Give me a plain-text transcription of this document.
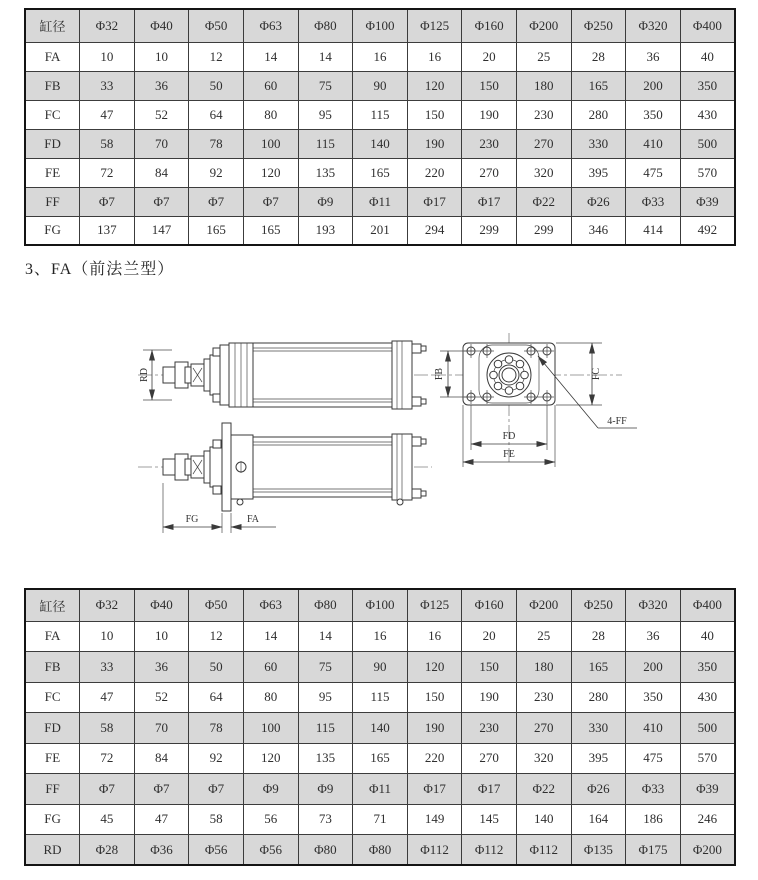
缸径	Φ32	Φ40	Φ50	Φ63	Φ80	Φ100	Φ125	Φ160	Φ200	Φ250	Φ320	Φ400
FA	10	10	12	14	14	16	16	20	25	28	36	40
FB	33	36	50	60	75	90	120	150	180	165	200	350
FC	47	52	64	80	95	115	150	190	230	280	350	430
FD	58	70	78	100	115	140	190	230	270	330	410	500
FE	72	84	92	120	135	165	220	270	320	395	475	570
FF	Φ7	Φ7	Φ7	Φ7	Φ9	Φ11	Φ17	Φ17	Φ22	Φ26	Φ33	Φ39
FG	137	147	165	165	193	201	294	299	299	346	414	492
3、FA（前法兰型）
RD
FG	FA
FB	FC
FD
FE
4-FF
缸径	Φ32	Φ40	Φ50	Φ63	Φ80	Φ100	Φ125	Φ160	Φ200	Φ250	Φ320	Φ400
FA	10	10	12	14	14	16	16	20	25	28	36	40
FB	33	36	50	60	75	90	120	150	180	165	200	350
FC	47	52	64	80	95	115	150	190	230	280	350	430
FD	58	70	78	100	115	140	190	230	270	330	410	500
FE	72	84	92	120	135	165	220	270	320	395	475	570
FF	Φ7	Φ7	Φ7	Φ9	Φ9	Φ11	Φ17	Φ17	Φ22	Φ26	Φ33	Φ39
FG	45	47	58	56	73	71	149	145	140	164	186	246
RD	Φ28	Φ36	Φ56	Φ56	Φ80	Φ80	Φ112	Φ112	Φ112	Φ135	Φ175	Φ200
